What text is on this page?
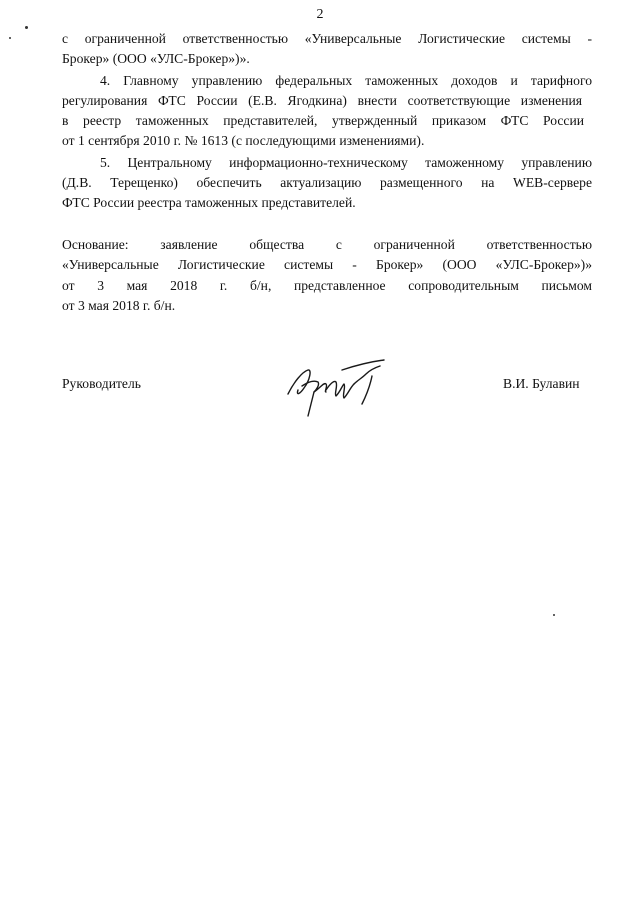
2
с ограниченной ответственностью «Универсальные Логистические системы -
Брокер» (ООО «УЛС-Брокер»)».
4. Главному управлению федеральных таможенных доходов и тарифного
регулирования ФТС России (Е.В. Ягодкина) внести соответствующие изменения
в реестр таможенных представителей, утвержденный приказом ФТС России
от 1 сентября 2010 г. № 1613 (с последующими изменениями).
5. Центральному информационно-техническому таможенному управлению
(Д.В. Терещенко) обеспечить актуализацию размещенного на WEB-сервере
ФТС России реестра таможенных представителей.
Основание: заявление общества с ограниченной ответственностью
«Универсальные Логистические системы - Брокер» (ООО «УЛС-Брокер»)»
от 3 мая 2018 г. б/н, представленное сопроводительным письмом
от 3 мая 2018 г. б/н.
Руководитель	В.И. Булавин
